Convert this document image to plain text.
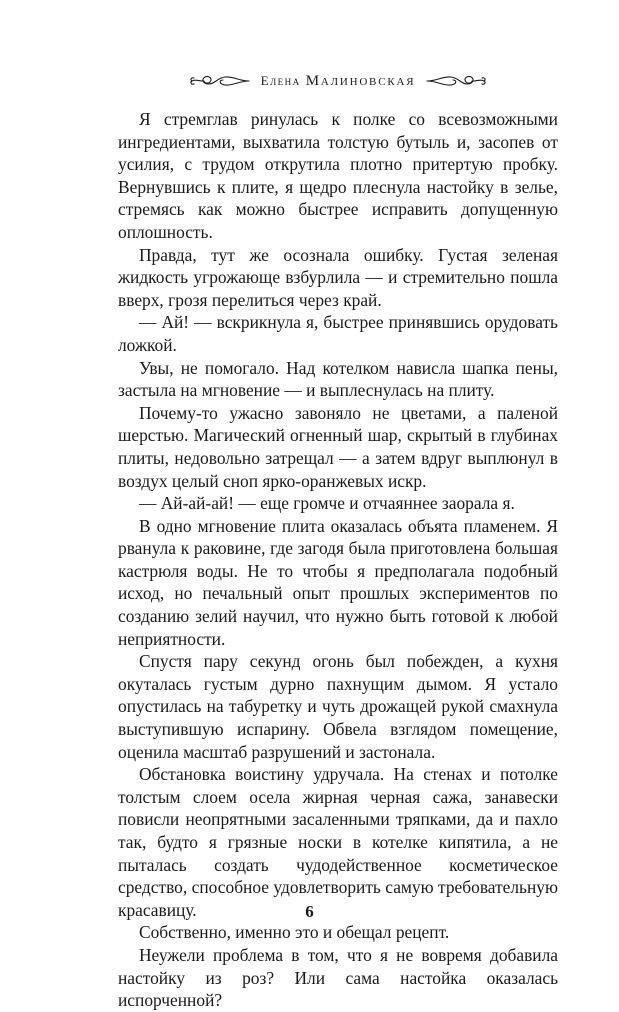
Елена Малиновская

Я стремглав ринулась к полке со всевозможными ингредиентами, выхватила толстую бутыль и, засопев от усилия, с трудом открутила плотно притертую пробку. Вернувшись к плите, я щедро плеснула настойку в зелье, стремясь как можно быстрее исправить допущенную оплошность.

Правда, тут же осознала ошибку. Густая зеленая жидкость угрожающе взбурлила — и стремительно пошла вверх, грозя перелиться через край.

— Ай! — вскрикнула я, быстрее принявшись орудовать ложкой.

Увы, не помогало. Над котелком нависла шапка пены, застыла на мгновение — и выплеснулась на плиту.

Почему-то ужасно завоняло не цветами, а паленой шерстью. Магический огненный шар, скрытый в глубинах плиты, недовольно затрещал — а затем вдруг выплюнул в воздух целый сноп ярко-оранжевых искр.

— Ай-ай-ай! — еще громче и отчаяннее заорала я.

В одно мгновение плита оказалась объята пламенем. Я рванула к раковине, где загодя была приготовлена большая кастрюля воды. Не то чтобы я предполагала подобный исход, но печальный опыт прошлых экспериментов по созданию зелий научил, что нужно быть готовой к любой неприятности.

Спустя пару секунд огонь был побежден, а кухня окуталась густым дурно пахнущим дымом. Я устало опустилась на табуретку и чуть дрожащей рукой смахнула выступившую испарину. Обвела взглядом помещение, оценила масштаб разрушений и застонала.

Обстановка воистину удручала. На стенах и потолке толстым слоем осела жирная черная сажа, занавески повисли неопрятными засаленными тряпками, да и пахло так, будто я грязные носки в котелке кипятила, а не пыталась создать чудодейственное косметическое средство, способное удовлетворить самую требовательную красавицу.

Собственно, именно это и обещал рецепт.

Неужели проблема в том, что я не вовремя добавила настойку из роз? Или сама настойка оказалась испорченной?

6
